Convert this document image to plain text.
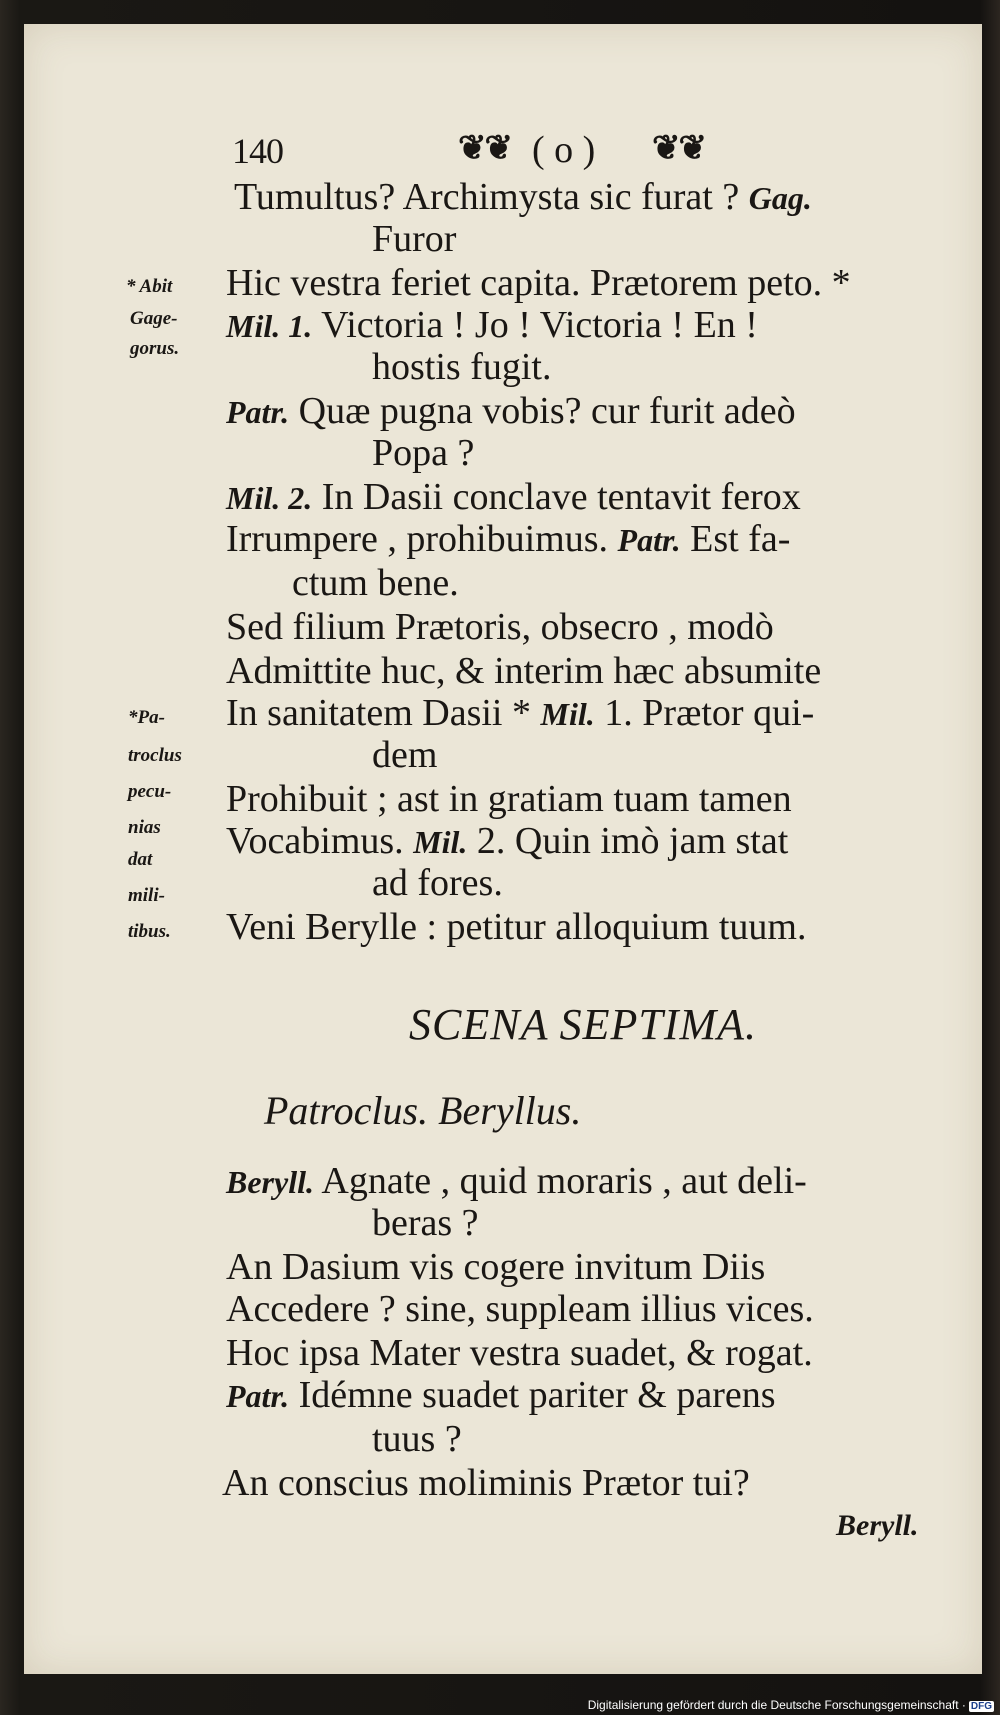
140	❦❦ ( o ) ❦❦
* Abit
Gage-
gorus.
*Pa-
troclus
pecu-
nias
dat
mili-
tibus.
Tumultus? Archimysta sic furat ? Gag.
Furor
Hic vestra feriet capita. Prætorem peto. *
Mil. 1. Victoria ! Jo ! Victoria ! En !
hostis fugit.
Patr. Quæ pugna vobis? cur furit adeò
Popa ?
Mil. 2. In Dasii conclave tentavit ferox
Irrumpere , prohibuimus. Patr. Est fa-
ctum bene.
Sed filium Prætoris, obsecro , modò
Admittite huc, & interim hæc absumite
In sanitatem Dasii * Mil. 1. Prætor qui-
dem
Prohibuit ; ast in gratiam tuam tamen
Vocabimus. Mil. 2. Quin imò jam stat
ad fores.
Veni Berylle : petitur alloquium tuum.
SCENA SEPTIMA.
Patroclus. Beryllus.
Beryll. Agnate , quid moraris , aut deli-
beras ?
An Dasium vis cogere invitum Diis
Accedere ? sine, suppleam illius vices.
Hoc ipsa Mater vestra suadet, & rogat.
Patr. Idémne suadet pariter & parens
tuus ?
An conscius moliminis Prætor tui?
Beryll.
Digitalisierung gefördert durch die Deutsche Forschungsgemeinschaft · DFG
